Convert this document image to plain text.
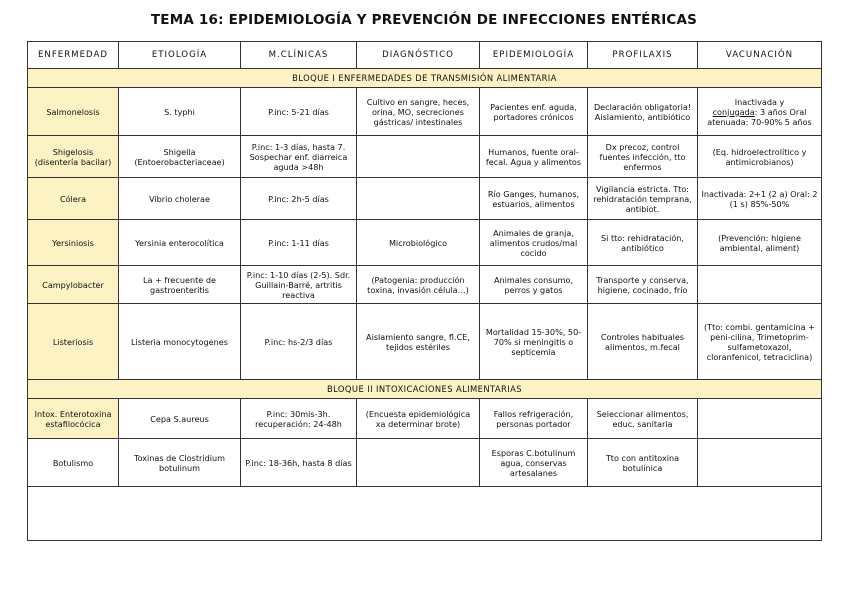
TEMA 16: EPIDEMIOLOGÍA Y PREVENCIÓN DE INFECCIONES ENTÉRICAS
ENFERMEDAD	ETIOLOGÍA	M.CLÍNICAS	DIAGNÓSTICO	EPIDEMIOLOGÍA	PROFILAXIS	VACUNACIÓN
BLOQUE I ENFERMEDADES DE TRANSMISIÓN ALIMENTARIA						
Salmonelosis	S. typhi	P.inc: 5-21 días	Cultivo en sangre, heces, orina, MO, secreciones gástricas/ intestinales	Pacientes enf. aguda, portadores crónicos	Declaración obligatoria! Aislamiento, antibiótico	Inactivada y
conjugada: 3 años Oral atenuada: 70-90% 5 años
Shigelosis (disentería bacilar)	Shigella (Entoerobacteriaceae)	P.inc: 1-3 días, hasta 7. Sospechar enf. diarreica aguda >48h		Humanos, fuente oral-fecal. Agua y alimentos	Dx precoz, control fuentes infección, tto enfermos	(Eq. hidroelectrolítico y antimicrobianos)
Cólera	Vibrio cholerae	P.inc: 2h-5 días		Río Ganges, humanos, estuarios, alimentos	Vigilancia estricta. Tto: rehidratación temprana, antibiot.	Inactivada: 2+1 (2 a) Oral: 2 (1 s) 85%-50%
Yersiniosis	Yersinia enterocolítica	P.inc: 1-11 días	Microbiológico	Animales de granja, alimentos crudos/mal cocido	Si tto: rehidratación, antibiótico	(Prevención: higiene ambiental, aliment)
Campylobacter	La + frecuente de gastroenteritis	P.inc: 1-10 días (2-5). Sdr. Guillain-Barré, artritis reactiva	(Patogenia: producción toxina, invasión célula…)	Animales consumo, perros y gatos	Transporte y conserva, higiene, cocinado, frío	
Listeriosis	Listeria monocytogenes	P.inc: hs-2/3 días	Aislamiento sangre, fl.CE, tejidos estériles	Mortalidad 15-30%, 50-70% si meningitis o septicemia	Controles habituales alimentos, m.fecal	(Tto: combi. gentamicina + peni-cilina, Trimetoprim-sulfametoxazol, cloranfenicol, tetraciclina)
BLOQUE II INTOXICACIONES ALIMENTARIAS						
Intox. Enterotoxina estafilocócica	Cepa S.aureus	P.inc: 30mis-3h. recuperación: 24-48h	(Encuesta epidemiológica xa determinar brote)	Fallos refrigeración, personas portador	Seleccionar alimentos, educ. sanitaria	
Botulismo	Toxinas de Clostridium botulinum	P.inc: 18-36h, hasta 8 días		Esporas C.botulinum agua, conservas artesalanes	Tto con antitoxina botulínica	
